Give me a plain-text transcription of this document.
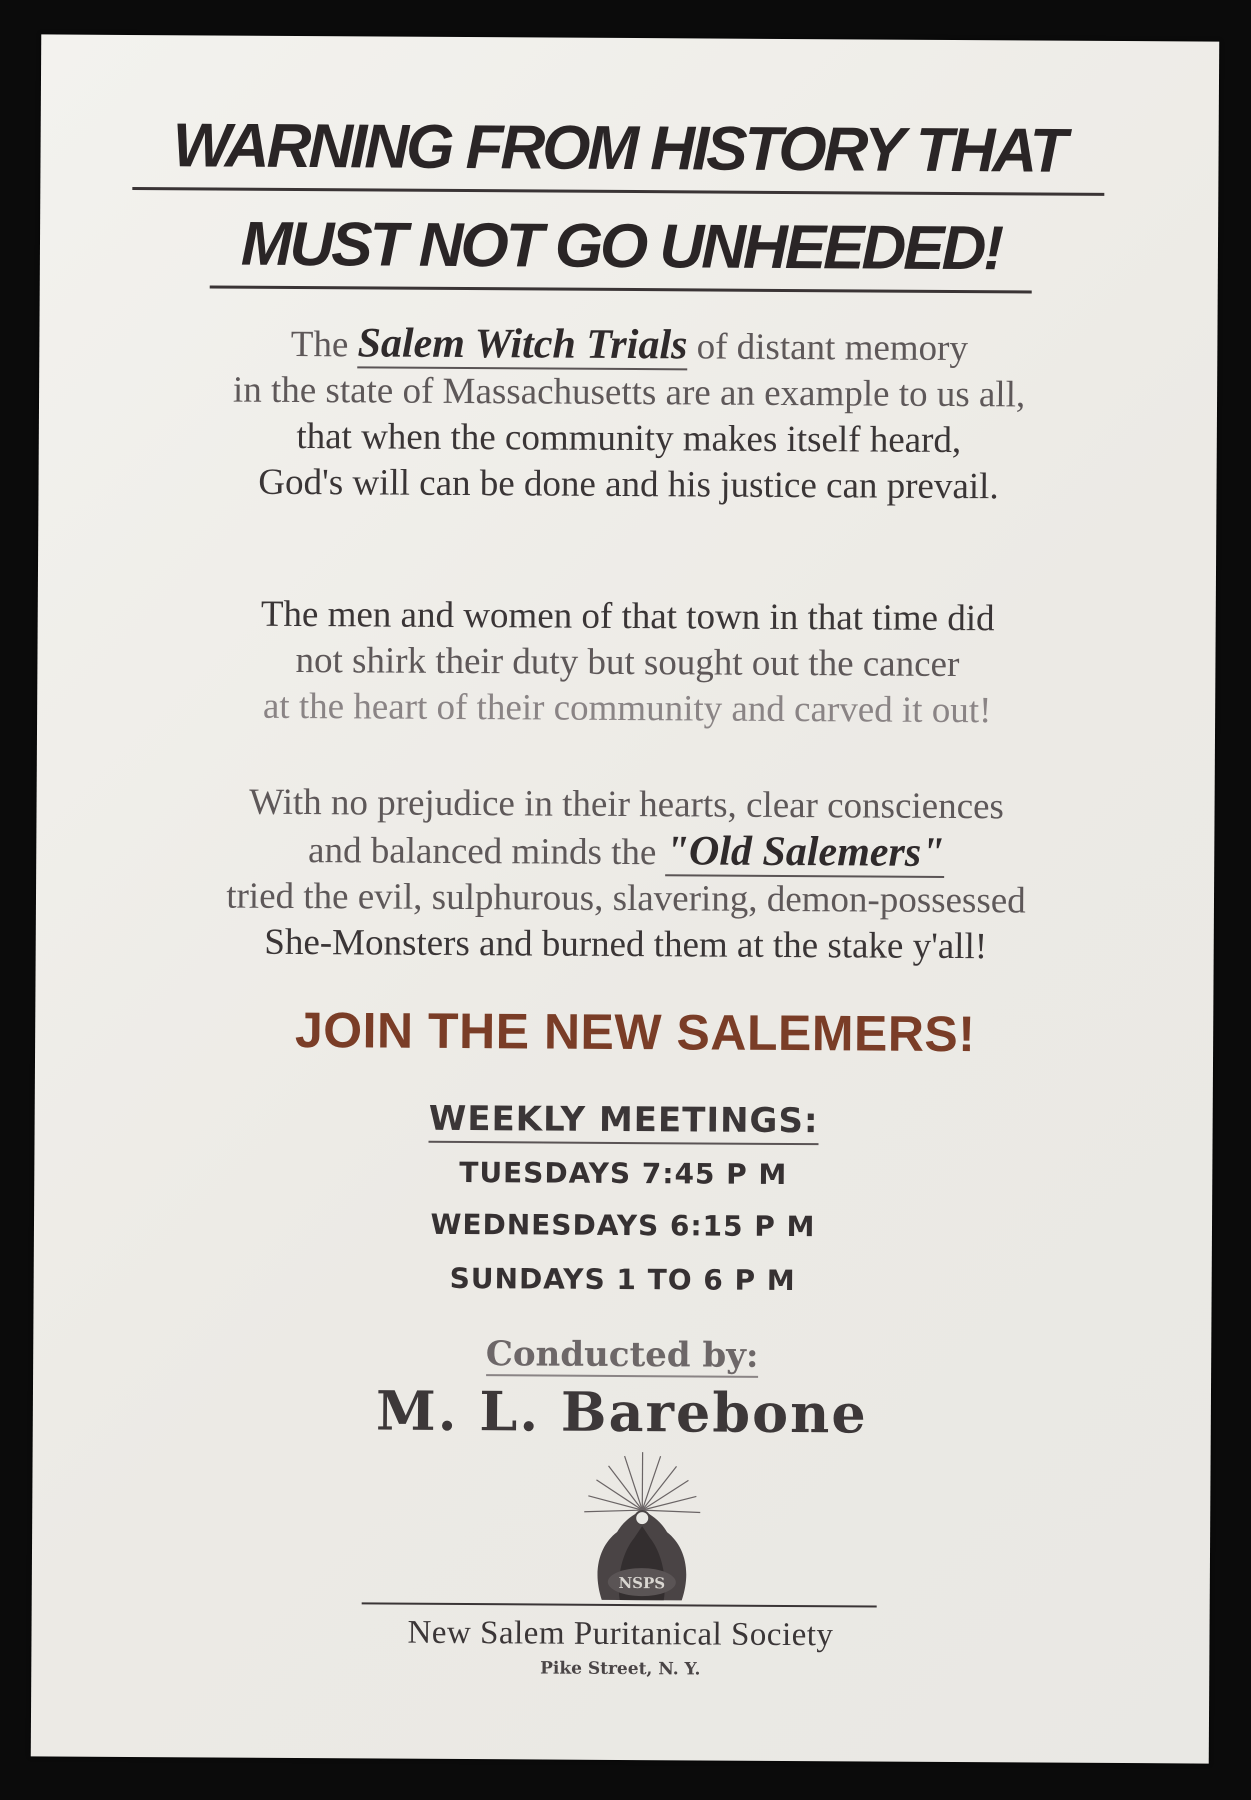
WARNING FROM HISTORY THAT
MUST NOT GO UNHEEDED!
The Salem Witch Trials of distant memory
in the state of Massachusetts are an example to us all,
that when the community makes itself heard,
God's will can be done and his justice can prevail.
The men and women of that town in that time did
not shirk their duty but sought out the cancer
at the heart of their community and carved it out!
With no prejudice in their hearts, clear consciences
and balanced minds the "Old Salemers"
tried the evil, sulphurous, slavering, demon-possessed
She-Monsters and burned them at the stake y'all!
JOIN THE NEW SALEMERS!
WEEKLY MEETINGS:
TUESDAYS 7:45 P M
WEDNESDAYS 6:15 P M
SUNDAYS 1 TO 6 P M
Conducted by:
M. L. Barebone
NSPS
New Salem Puritanical Society
Pike Street, N. Y.
